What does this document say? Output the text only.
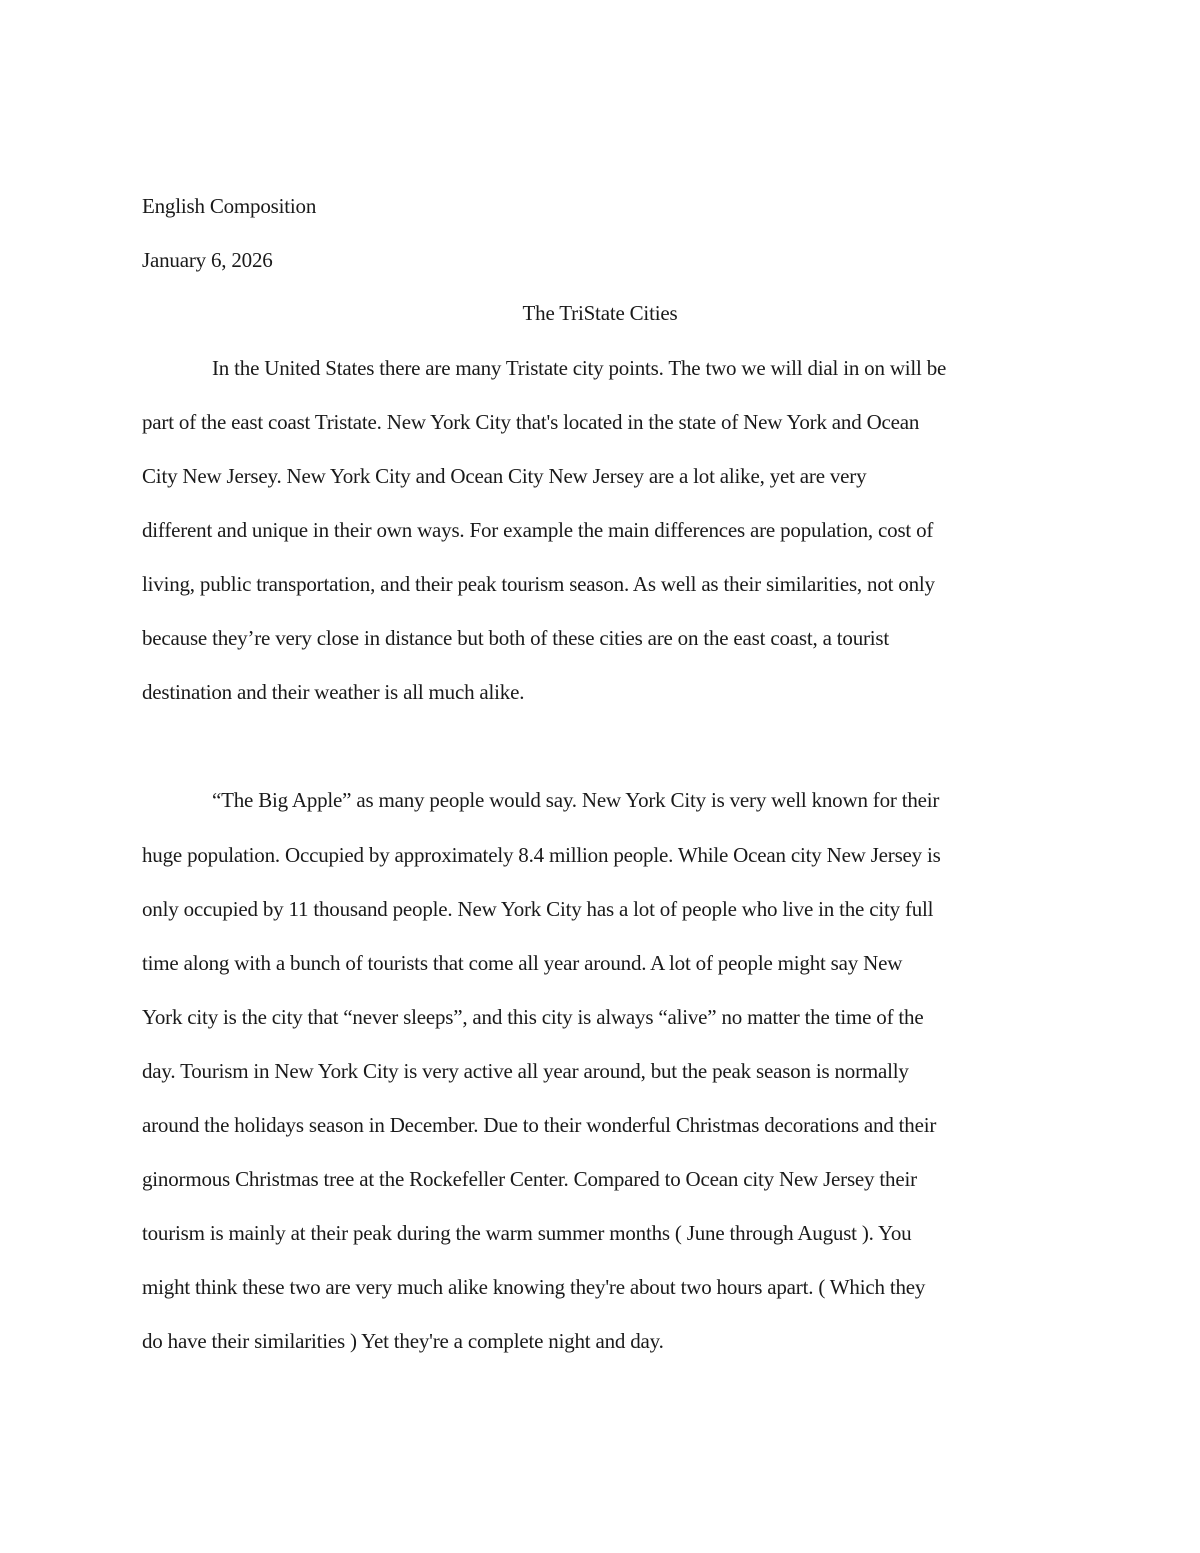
English Composition
January 6, 2026
The TriState Cities
In the United States there are many Tristate city points. The two we will dial in on will be
part of the east coast Tristate. New York City that's located in the state of New York and Ocean
City New Jersey. New York City and Ocean City New Jersey are a lot alike, yet are very
different and unique in their own ways. For example the main differences are population, cost of
living, public transportation, and their peak tourism season. As well as their similarities, not only
because they’re very close in distance but both of these cities are on the east coast, a tourist
destination and their weather is all much alike.
“The Big Apple” as many people would say. New York City is very well known for their
huge population. Occupied by approximately 8.4 million people. While Ocean city New Jersey is
only occupied by 11 thousand people. New York City has a lot of people who live in the city full
time along with a bunch of tourists that come all year around. A lot of people might say New
York city is the city that “never sleeps”, and this city is always “alive” no matter the time of the
day. Tourism in New York City is very active all year around, but the peak season is normally
around the holidays season in December. Due to their wonderful Christmas decorations and their
ginormous Christmas tree at the Rockefeller Center. Compared to Ocean city New Jersey their
tourism is mainly at their peak during the warm summer months ( June through August ). You
might think these two are very much alike knowing they're about two hours apart. ( Which they
do have their similarities ) Yet they're a complete night and day.
